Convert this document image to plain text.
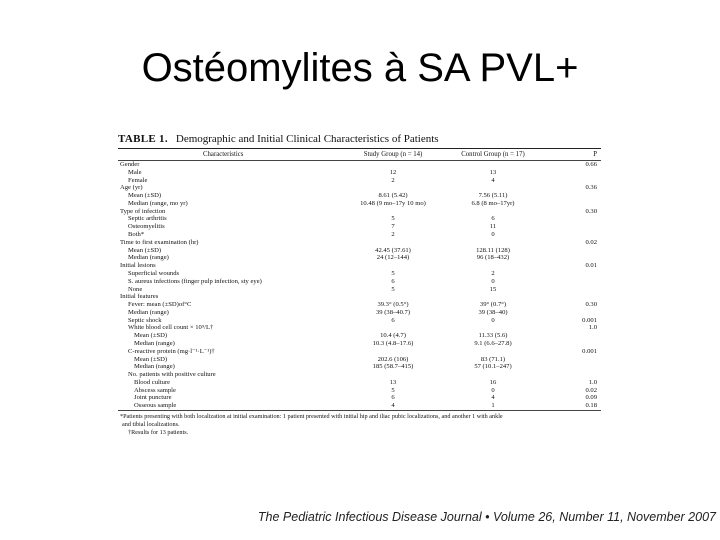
Ostéomylites à SA PVL+
TABLE 1. Demographic and Initial Clinical Characteristics of Patients
Characteristics	Study Group (n = 14)	Control Group (n = 17)	P
Gender			0.66
Male	12	13	
Female	2	4	
Age (yr)			0.36
Mean (±SD)	8.61 (5.42)	7.56 (5.11)	
Median (range, mo yr)	10.48 (9 mo–17y 10 mo)	6.8 (8 mo–17yr)	
Type of infection			0.30
Septic arthritis	5	6	
Osteomyelitis	7	11	
Both*	2	0	
Time to first examination (hr)			0.02
Mean (±SD)	42.45 (37.61)	128.11 (128)	
Median (range)	24 (12–144)	96 (18–432)	
Initial lesions			0.01
Superficial wounds	5	2	
S. aureus infections (finger pulp infection, sty eye)	6	0	
None	5	15	
Initial features			
Fever: mean (±SD)of°C	39.3° (0.5°)	39° (0.7°)	0.30
Median (range)	39 (38–40.7)	39 (38–40)	
Septic shock	6	0	0.001
White blood cell count × 10⁹/L†			1.0
Mean (±SD)	10.4 (4.7)	11.33 (5.6)	
Median (range)	10.3 (4.8–17.6)	9.1 (6.6–27.8)	
C-reactive protein (mg·l⁻¹·L⁻¹)†			0.001
Mean (±SD)	202.6 (106)	83 (71.1)	
Median (range)	185 (58.7–415)	57 (10.1–247)	
No. patients with positive culture			
Blood culture	13	16	1.0
Abscess sample	5	0	0.02
Joint puncture	6	4	0.09
Osseous sample	4	1	0.18
*Patients presenting with both localization at initial examination: 1 patient presented with initial hip and iliac pubic localizations, and another 1 with ankle
and tibial localizations.
†Results for 13 patients.
The Pediatric Infectious Disease Journal • Volume 26, Number 11, November 2007
